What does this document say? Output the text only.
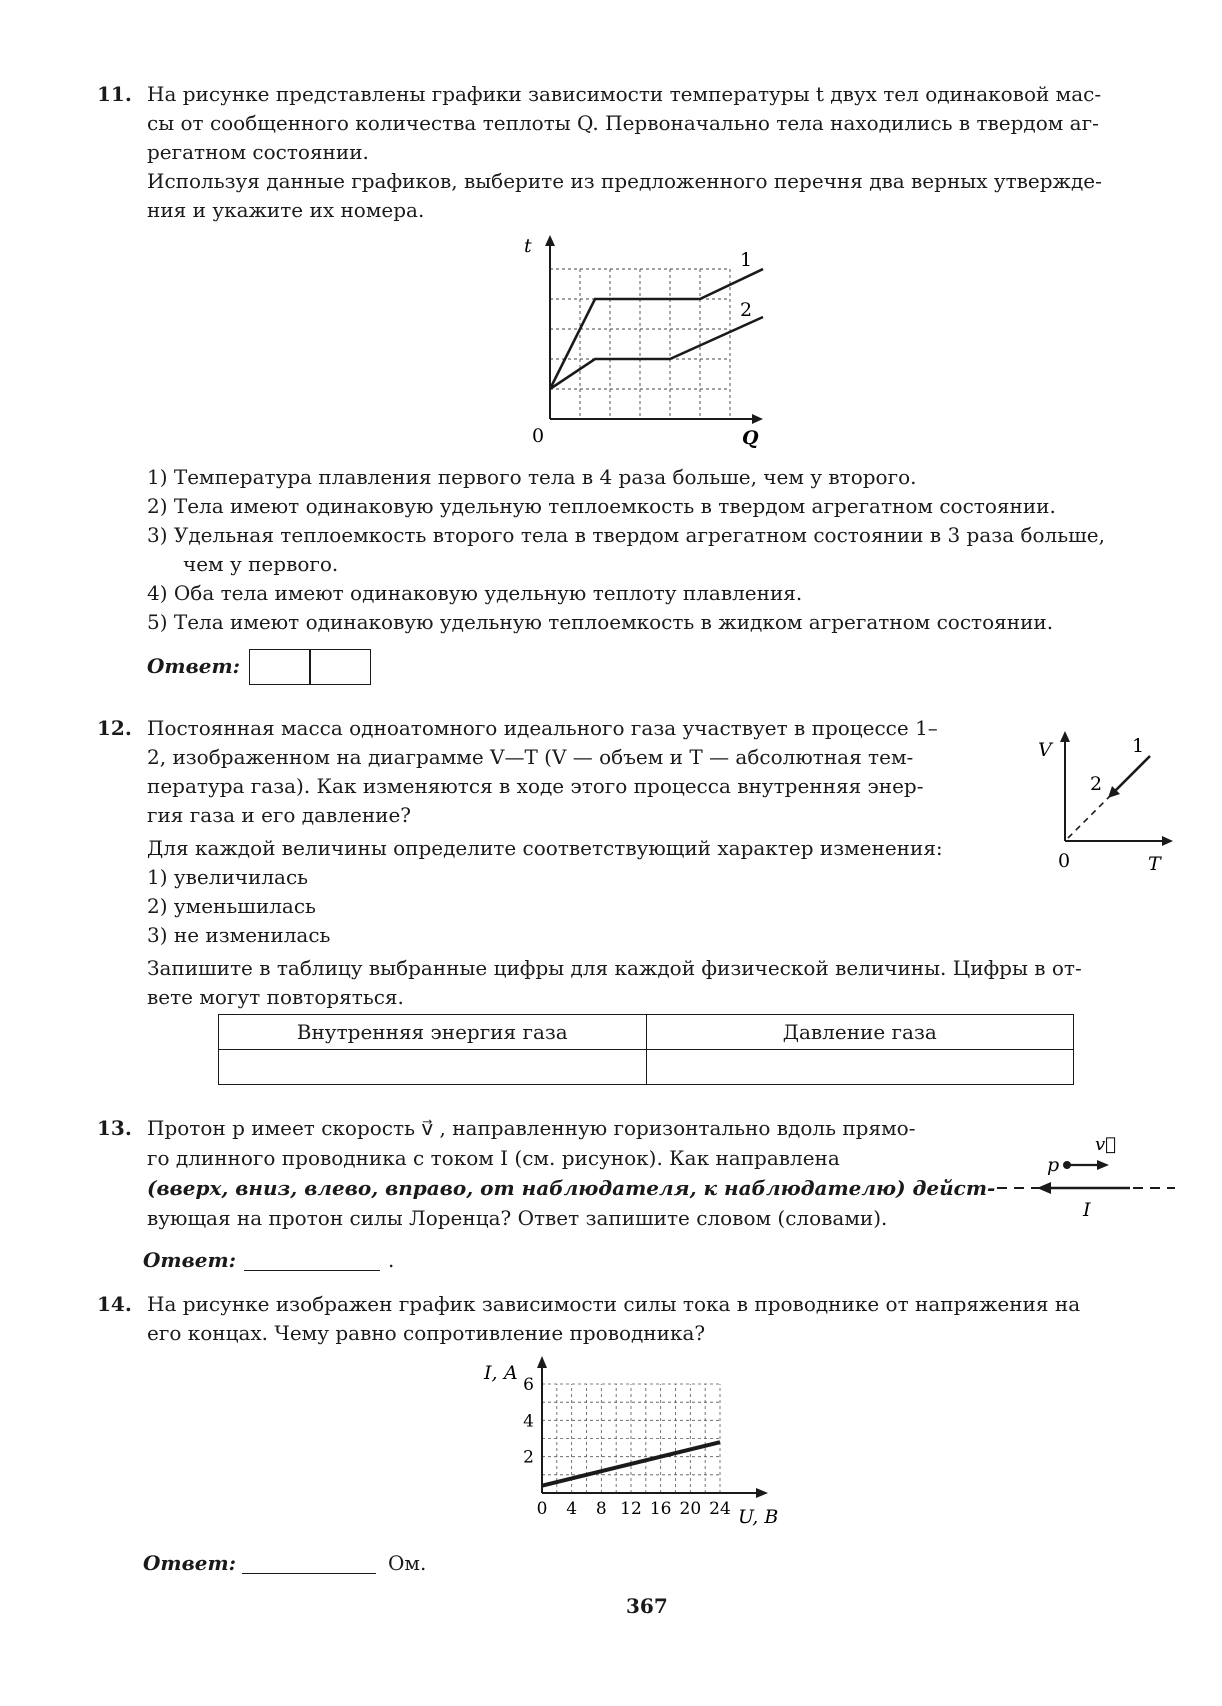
11. На рисунке представлены графики зависимости температуры t двух тел одинаковой мас-
сы от сообщенного количества теплоты Q. Первоначально тела находились в твердом аг-
регатном состоянии.
Используя данные графиков, выберите из предложенного перечня два верных утвержде-
ния и укажите их номера.
t
Q
0
1
2
1) Температура плавления первого тела в 4 раза больше, чем у второго.
2) Тела имеют одинаковую удельную теплоемкость в твердом агрегатном состоянии.
3) Удельная теплоемкость второго тела в твердом агрегатном состоянии в 3 раза больше,
чем у первого.
4) Оба тела имеют одинаковую удельную теплоту плавления.
5) Тела имеют одинаковую удельную теплоемкость в жидком агрегатном состоянии.
Ответ:
12. Постоянная масса одноатомного идеального газа участвует в процессе 1–
2, изображенном на диаграмме V—T (V — объем и T — абсолютная тем-
пература газа). Как изменяются в ходе этого процесса внутренняя энер-
гия газа и его давление?
Для каждой величины определите соответствующий характер изменения:
1) увеличилась
2) уменьшилась
3) не изменилась
Запишите в таблицу выбранные цифры для каждой физической величины. Цифры в от-
вете могут повторяться.
V
T
0
1
2
Внутренняя энергия газа	Давление газа

13. Протон p имеет скорость v⃗ , направленную горизонтально вдоль прямо-
го длинного проводника с током I (см. рисунок). Как направлена
(вверх, вниз, влево, вправо, от наблюдателя, к наблюдателю) дейст-
вующая на протон силы Лоренца? Ответ запишите словом (словами).
p
v⃗
I
Ответ:	.
14. На рисунке изображен график зависимости силы тока в проводнике от напряжения на
его концах. Чему равно сопротивление проводника?
0 4 8 12 16 20 24
2
4
6
I, А
U, В
Ответ:	Ом.
367
